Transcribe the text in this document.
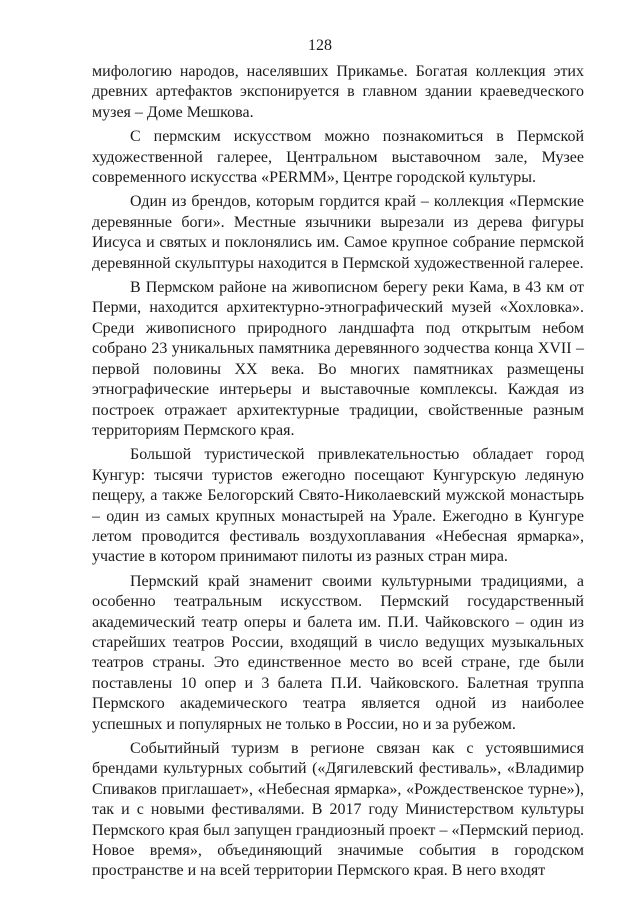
128

мифологию народов, населявших Прикамье. Богатая коллекция этих древних артефактов экспонируется в главном здании краеведческого музея – Доме Мешкова.

С пермским искусством можно познакомиться в Пермской художественной галерее, Центральном выставочном зале, Музее современного искусства «PERMM», Центре городской культуры.

Один из брендов, которым гордится край – коллекция «Пермские деревянные боги». Местные язычники вырезали из дерева фигуры Иисуса и святых и поклонялись им. Самое крупное собрание пермской деревянной скульптуры находится в Пермской художественной галерее.

В Пермском районе на живописном берегу реки Кама, в 43 км от Перми, находится архитектурно-этнографический музей «Хохловка». Среди живописного природного ландшафта под открытым небом собрано 23 уникальных памятника деревянного зодчества конца XVII – первой половины XX века. Во многих памятниках размещены этнографические интерьеры и выставочные комплексы. Каждая из построек отражает архитектурные традиции, свойственные разным территориям Пермского края.

Большой туристической привлекательностью обладает город Кунгур: тысячи туристов ежегодно посещают Кунгурскую ледяную пещеру, а также Белогорский Свято-Николаевский мужской монастырь – один из самых крупных монастырей на Урале. Ежегодно в Кунгуре летом проводится фестиваль воздухоплавания «Небесная ярмарка», участие в котором принимают пилоты из разных стран мира.

Пермский край знаменит своими культурными традициями, а особенно театральным искусством. Пермский государственный академический театр оперы и балета им. П.И. Чайковского – один из старейших театров России, входящий в число ведущих музыкальных театров страны. Это единственное место во всей стране, где были поставлены 10 опер и 3 балета П.И. Чайковского. Балетная труппа Пермского академического театра является одной из наиболее успешных и популярных не только в России, но и за рубежом.

Событийный туризм в регионе связан как с устоявшимися брендами культурных событий («Дягилевский фестиваль», «Владимир Спиваков приглашает», «Небесная ярмарка», «Рождественское турне»), так и с новыми фестивалями. В 2017 году Министерством культуры Пермского края был запущен грандиозный проект – «Пермский период. Новое время», объединяющий значимые события в городском пространстве и на всей территории Пермского края. В него входят
